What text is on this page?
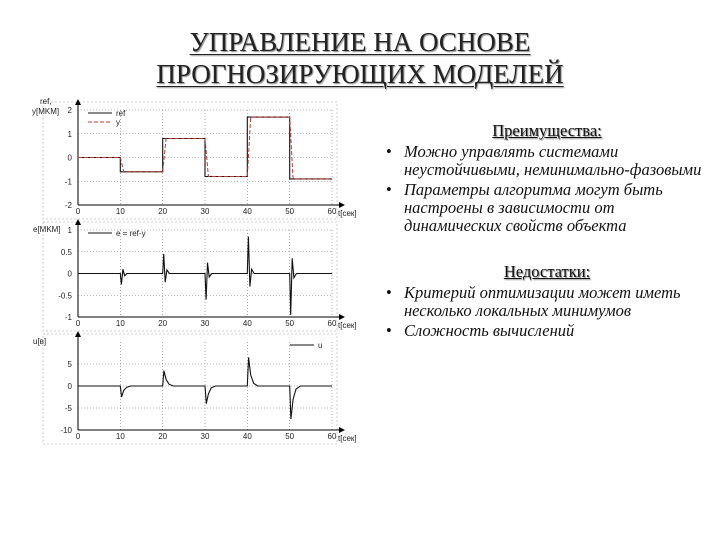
УПРАВЛЕНИЕ НА ОСНОВЕ
ПРОГНОЗИРУЮЩИХ МОДЕЛЕЙ
0	10	20	30	40	50	60
2
1
0
-1
-2
ref,
y[MKM]
t[сек]
ref
y
0	10	20	30	40	50	60
1
0.5
0
-0.5
-1
e[MKM]
t[сек]
e = ref-y
0	10	20	30	40	50	60
5
0
-5
-10
u[в]
t[сек]
u
Преимущества:
• Можно управлять системами неустойчивыми, неминимально-фазовыми
• Параметры алгоритма могут быть настроены в зависимости от динамических свойств объекта
Недостатки:
• Критерий оптимизации может иметь несколько локальных минимумов
• Сложность вычислений
